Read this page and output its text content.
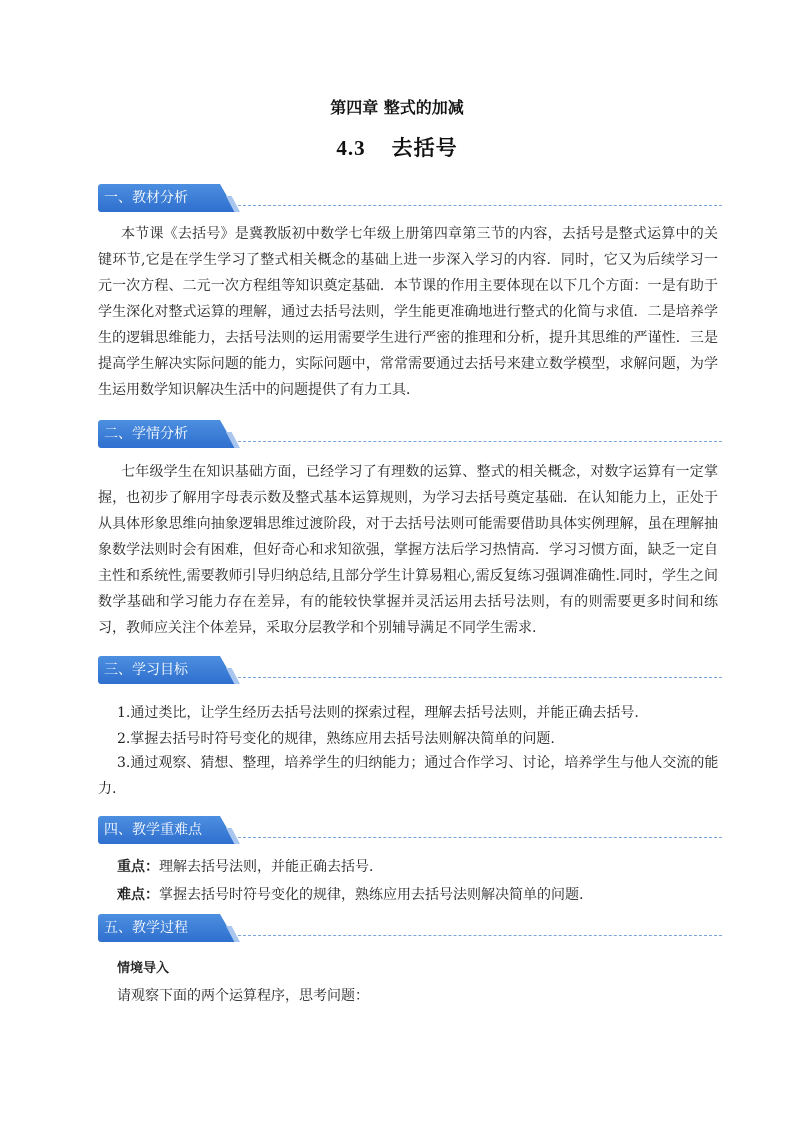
第四章 整式的加减
4.3 去括号
一、教材分析
本节课《去括号》是冀教版初中数学七年级上册第四章第三节的内容，去括号是整式运算中的关键环节,它是在学生学习了整式相关概念的基础上进一步深入学习的内容．同时，它又为后续学习一元一次方程、二元一次方程组等知识奠定基础．本节课的作用主要体现在以下几个方面：一是有助于学生深化对整式运算的理解，通过去括号法则，学生能更准确地进行整式的化简与求值．二是培养学生的逻辑思维能力，去括号法则的运用需要学生进行严密的推理和分析，提升其思维的严谨性．三是提高学生解决实际问题的能力，实际问题中，常常需要通过去括号来建立数学模型，求解问题，为学生运用数学知识解决生活中的问题提供了有力工具．
二、学情分析
七年级学生在知识基础方面，已经学习了有理数的运算、整式的相关概念，对数字运算有一定掌握，也初步了解用字母表示数及整式基本运算规则，为学习去括号奠定基础．在认知能力上，正处于从具体形象思维向抽象逻辑思维过渡阶段，对于去括号法则可能需要借助具体实例理解，虽在理解抽象数学法则时会有困难，但好奇心和求知欲强，掌握方法后学习热情高．学习习惯方面，缺乏一定自主性和系统性,需要教师引导归纳总结,且部分学生计算易粗心,需反复练习强调准确性.同时，学生之间数学基础和学习能力存在差异，有的能较快掌握并灵活运用去括号法则，有的则需要更多时间和练习，教师应关注个体差异，采取分层教学和个别辅导满足不同学生需求.
三、学习目标
1.通过类比，让学生经历去括号法则的探索过程，理解去括号法则，并能正确去括号.
2.掌握去括号时符号变化的规律，熟练应用去括号法则解决简单的问题.
3.通过观察、猜想、整理，培养学生的归纳能力；通过合作学习、讨论，培养学生与他人交流的能力.
四、教学重难点
重点：理解去括号法则，并能正确去括号．
难点：掌握去括号时符号变化的规律，熟练应用去括号法则解决简单的问题.
五、教学过程
情境导入
请观察下面的两个运算程序，思考问题：
